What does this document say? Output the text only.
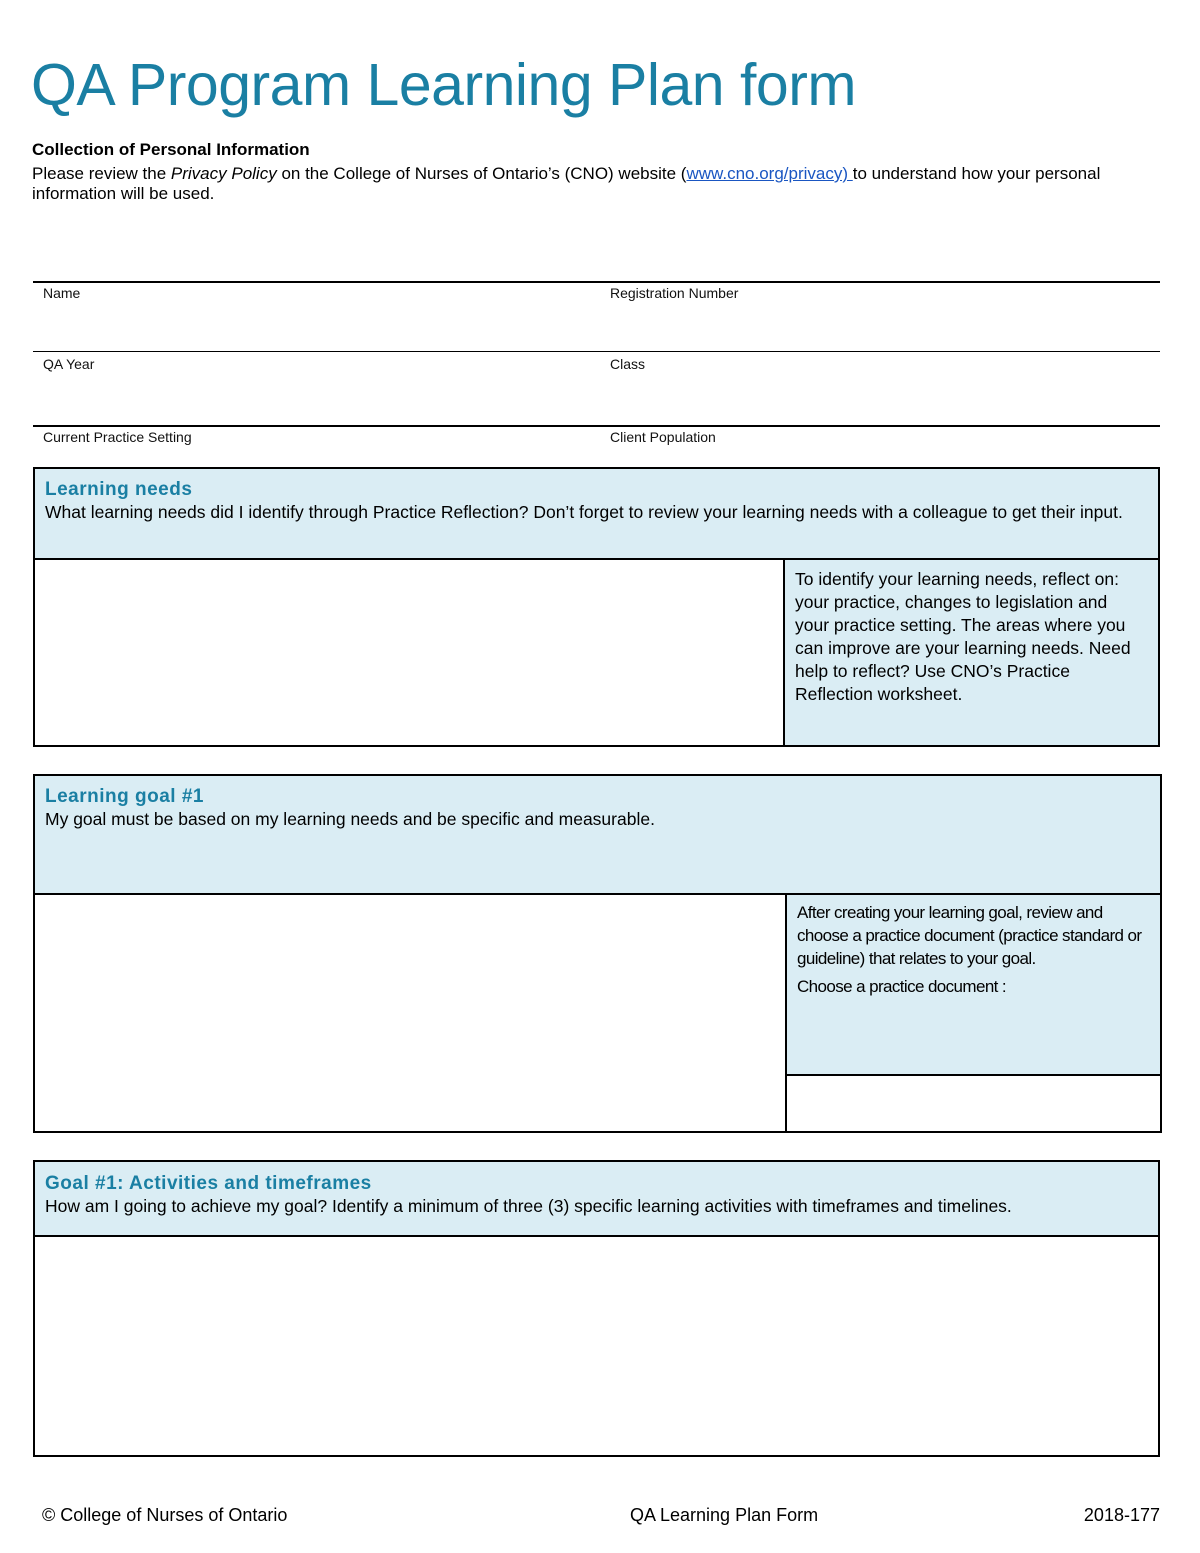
QA Program Learning Plan form
Collection of Personal Information
Please review the Privacy Policy on the College of Nurses of Ontario’s (CNO) website (www.cno.org/privacy) to understand how your personal information will be used.
Name	Registration Number
QA Year	Class
Current Practice Setting	Client Population
Learning needs
What learning needs did I identify through Practice Reflection? Don’t forget to review your learning needs with a colleague to get their input.
To identify your learning needs, reflect on: your practice, changes to legislation and your practice setting. The areas where you can improve are your learning needs. Need help to reflect? Use CNO’s Practice Reflection worksheet.
Learning goal #1
My goal must be based on my learning needs and be specific and measurable.
After creating your learning goal, review and choose a practice document (practice standard or guideline) that relates to your goal.
Choose a practice document :
Goal #1: Activities and timeframes
How am I going to achieve my goal? Identify a minimum of three (3) specific learning activities with timeframes and timelines.
© College of Nurses of Ontario	QA Learning Plan Form	2018-177
